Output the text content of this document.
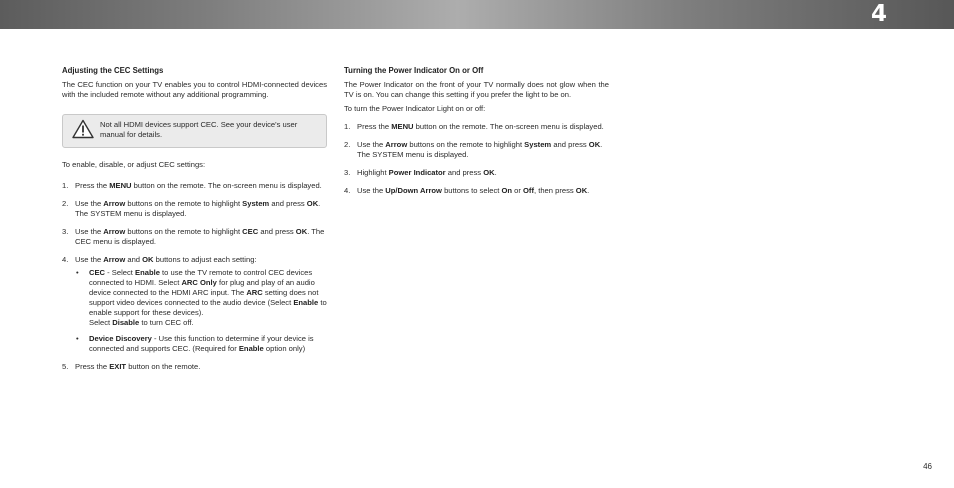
4
Adjusting the CEC Settings

The CEC function on your TV enables you to control HDMI-connected devices with the included remote without any additional programming.

Not all HDMI devices support CEC. See your device's user manual for details.

To enable, disable, or adjust CEC settings:

1. Press the MENU button on the remote. The on-screen menu is displayed.
2. Use the Arrow buttons on the remote to highlight System and press OK. The SYSTEM menu is displayed.
3. Use the Arrow buttons on the remote to highlight CEC and press OK. The CEC menu is displayed.
4. Use the Arrow and OK buttons to adjust each setting:
• CEC - Select Enable to use the TV remote to control CEC devices connected to HDMI. Select ARC Only for plug and play of an audio device connected to the HDMI ARC input. The ARC setting does not support video devices connected to the audio device (Select Enable to enable support for these devices).
Select Disable to turn CEC off.
• Device Discovery - Use this function to determine if your device is connected and supports CEC. (Required for Enable option only)
5. Press the EXIT button on the remote.
Turning the Power Indicator On or Off

The Power Indicator on the front of your TV normally does not glow when the TV is on. You can change this setting if you prefer the light to be on.

To turn the Power Indicator Light on or off:

1. Press the MENU button on the remote. The on-screen menu is displayed.
2. Use the Arrow buttons on the remote to highlight System and press OK. The SYSTEM menu is displayed.
3. Highlight Power Indicator and press OK.
4. Use the Up/Down Arrow buttons to select On or Off, then press OK.
46
